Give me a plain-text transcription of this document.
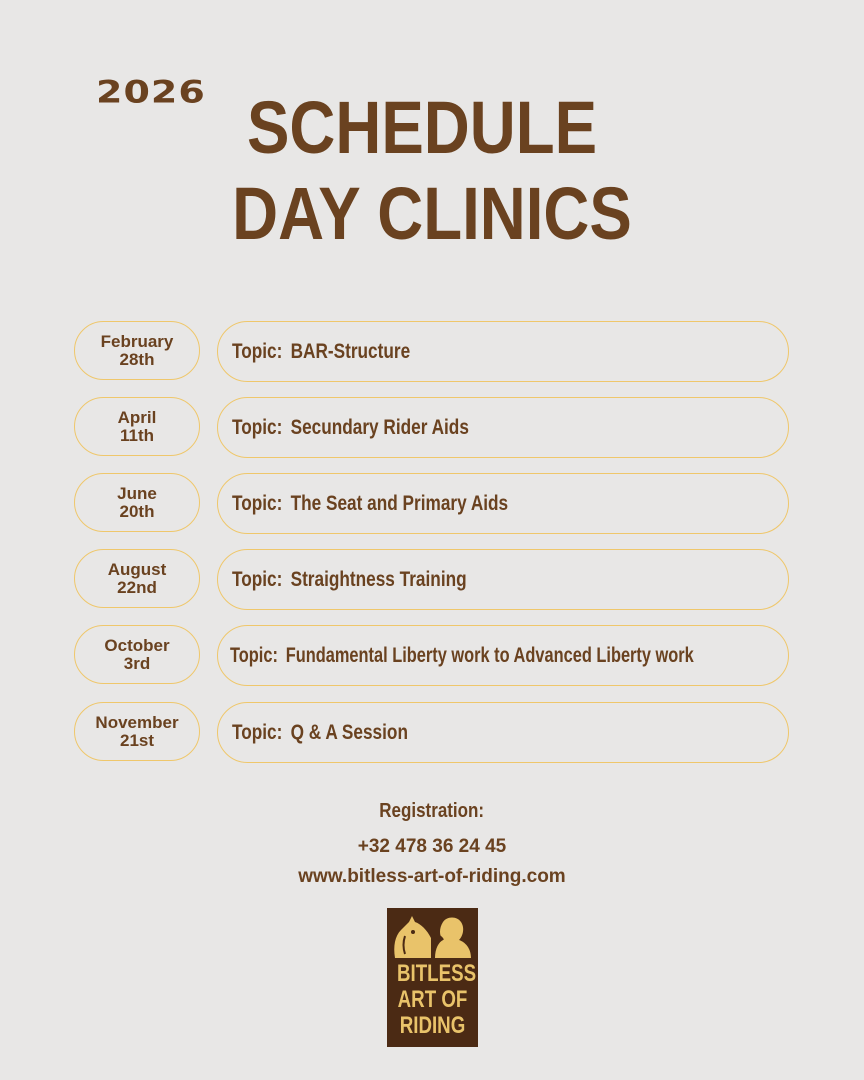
2026 SCHEDULE
DAY CLINICS
February
28th	Topic: BAR-Structure
April
11th	Topic: Secundary Rider Aids
June
20th	Topic: The Seat and Primary Aids
August
22nd	Topic: Straightness Training
October
3rd	Topic: Fundamental Liberty work to Advanced Liberty work
November
21st	Topic: Q & A Session
Registration:
+32 478 36 24 45
www.bitless-art-of-riding.com
BITLESS
ART OF
RIDING
